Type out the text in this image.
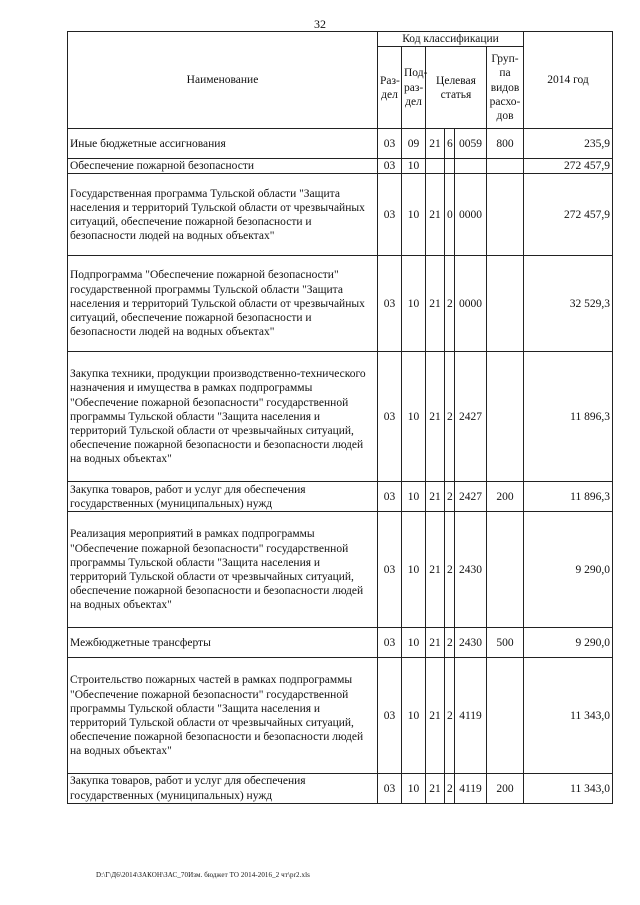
32
Наименование	Код классификации						2014 год
	Раз-дел	Под-раз-дел	Целевая статья			Груп-па видов расхо-дов	
Иные бюджетные ассигнования	03	09	21	6	0059	800	235,9
Обеспечение пожарной безопасности	03	10					272 457,9
Государственная программа Тульской области "Защита населения и территорий Тульской области от чрезвычайных ситуаций, обеспечение пожарной безопасности и безопасности людей на водных объектах"	03	10	21	0	0000		272 457,9
Подпрограмма "Обеспечение пожарной безопасности" государственной программы Тульской области "Защита населения и территорий Тульской области от чрезвычайных ситуаций, обеспечение пожарной безопасности и безопасности людей на водных объектах"	03	10	21	2	0000		32 529,3
Закупка техники, продукции производственно-технического назначения и имущества в рамках подпрограммы "Обеспечение пожарной безопасности" государственной программы Тульской области "Защита населения и территорий Тульской области от чрезвычайных ситуаций, обеспечение пожарной безопасности и безопасности людей на водных объектах"	03	10	21	2	2427		11 896,3
Закупка товаров, работ и услуг для обеспечения государственных (муниципальных) нужд	03	10	21	2	2427	200	11 896,3
Реализация мероприятий в рамках подпрограммы "Обеспечение пожарной безопасности" государственной программы Тульской области "Защита населения и территорий Тульской области от чрезвычайных ситуаций, обеспечение пожарной безопасности и безопасности людей на водных объектах"	03	10	21	2	2430		9 290,0
Межбюджетные трансферты	03	10	21	2	2430	500	9 290,0
Строительство пожарных частей в рамках подпрограммы "Обеспечение пожарной безопасности" государственной программы Тульской области "Защита населения и территорий Тульской области от чрезвычайных ситуаций, обеспечение пожарной безопасности и безопасности людей на водных объектах"	03	10	21	2	4119		11 343,0
Закупка товаров, работ и услуг для обеспечения государственных (муниципальных) нужд	03	10	21	2	4119	200	11 343,0
D:\Г\Д6\2014\ЗАКОН\ЗАС_70Изм. бюджет ТО 2014-2016_2 чт\pr2.xls
